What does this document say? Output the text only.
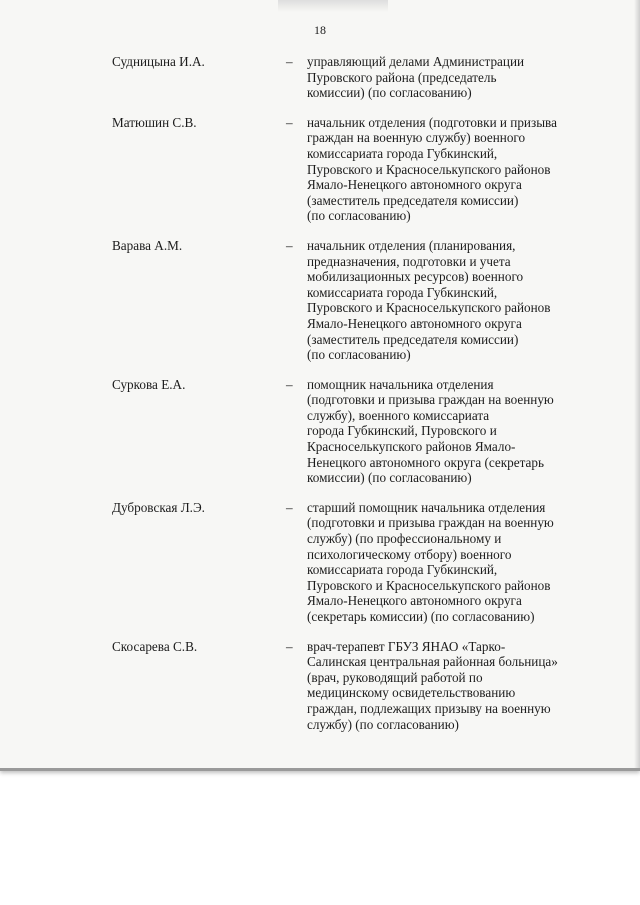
18
Судницына И.А.	– управляющий делами Администрации
Пуровского района (председатель
комиссии) (по согласованию)
Матюшин С.В.	– начальник отделения (подготовки и призыва
граждан на военную службу) военного
комиссариата города Губкинский,
Пуровского и Красноселькупского районов
Ямало-Ненецкого автономного округа
(заместитель председателя комиссии)
(по согласованию)
Варава А.М.	– начальник отделения (планирования,
предназначения, подготовки и учета
мобилизационных ресурсов) военного
комиссариата города Губкинский,
Пуровского и Красноселькупского районов
Ямало-Ненецкого автономного округа
(заместитель председателя комиссии)
(по согласованию)
Суркова Е.А.	– помощник начальника отделения
(подготовки и призыва граждан на военную
службу), военного комиссариата
города Губкинский, Пуровского и
Красноселькупского районов Ямало-
Ненецкого автономного округа (секретарь
комиссии) (по согласованию)
Дубровская Л.Э.	– старший помощник начальника отделения
(подготовки и призыва граждан на военную
службу) (по профессиональному и
психологическому отбору) военного
комиссариата города Губкинский,
Пуровского и Красноселькупского районов
Ямало-Ненецкого автономного округа
(секретарь комиссии) (по согласованию)
Скосарева С.В.	– врач-терапевт ГБУЗ ЯНАО «Тарко-
Салинская центральная районная больница»
(врач, руководящий работой по
медицинскому освидетельствованию
граждан, подлежащих призыву на военную
службу) (по согласованию)
